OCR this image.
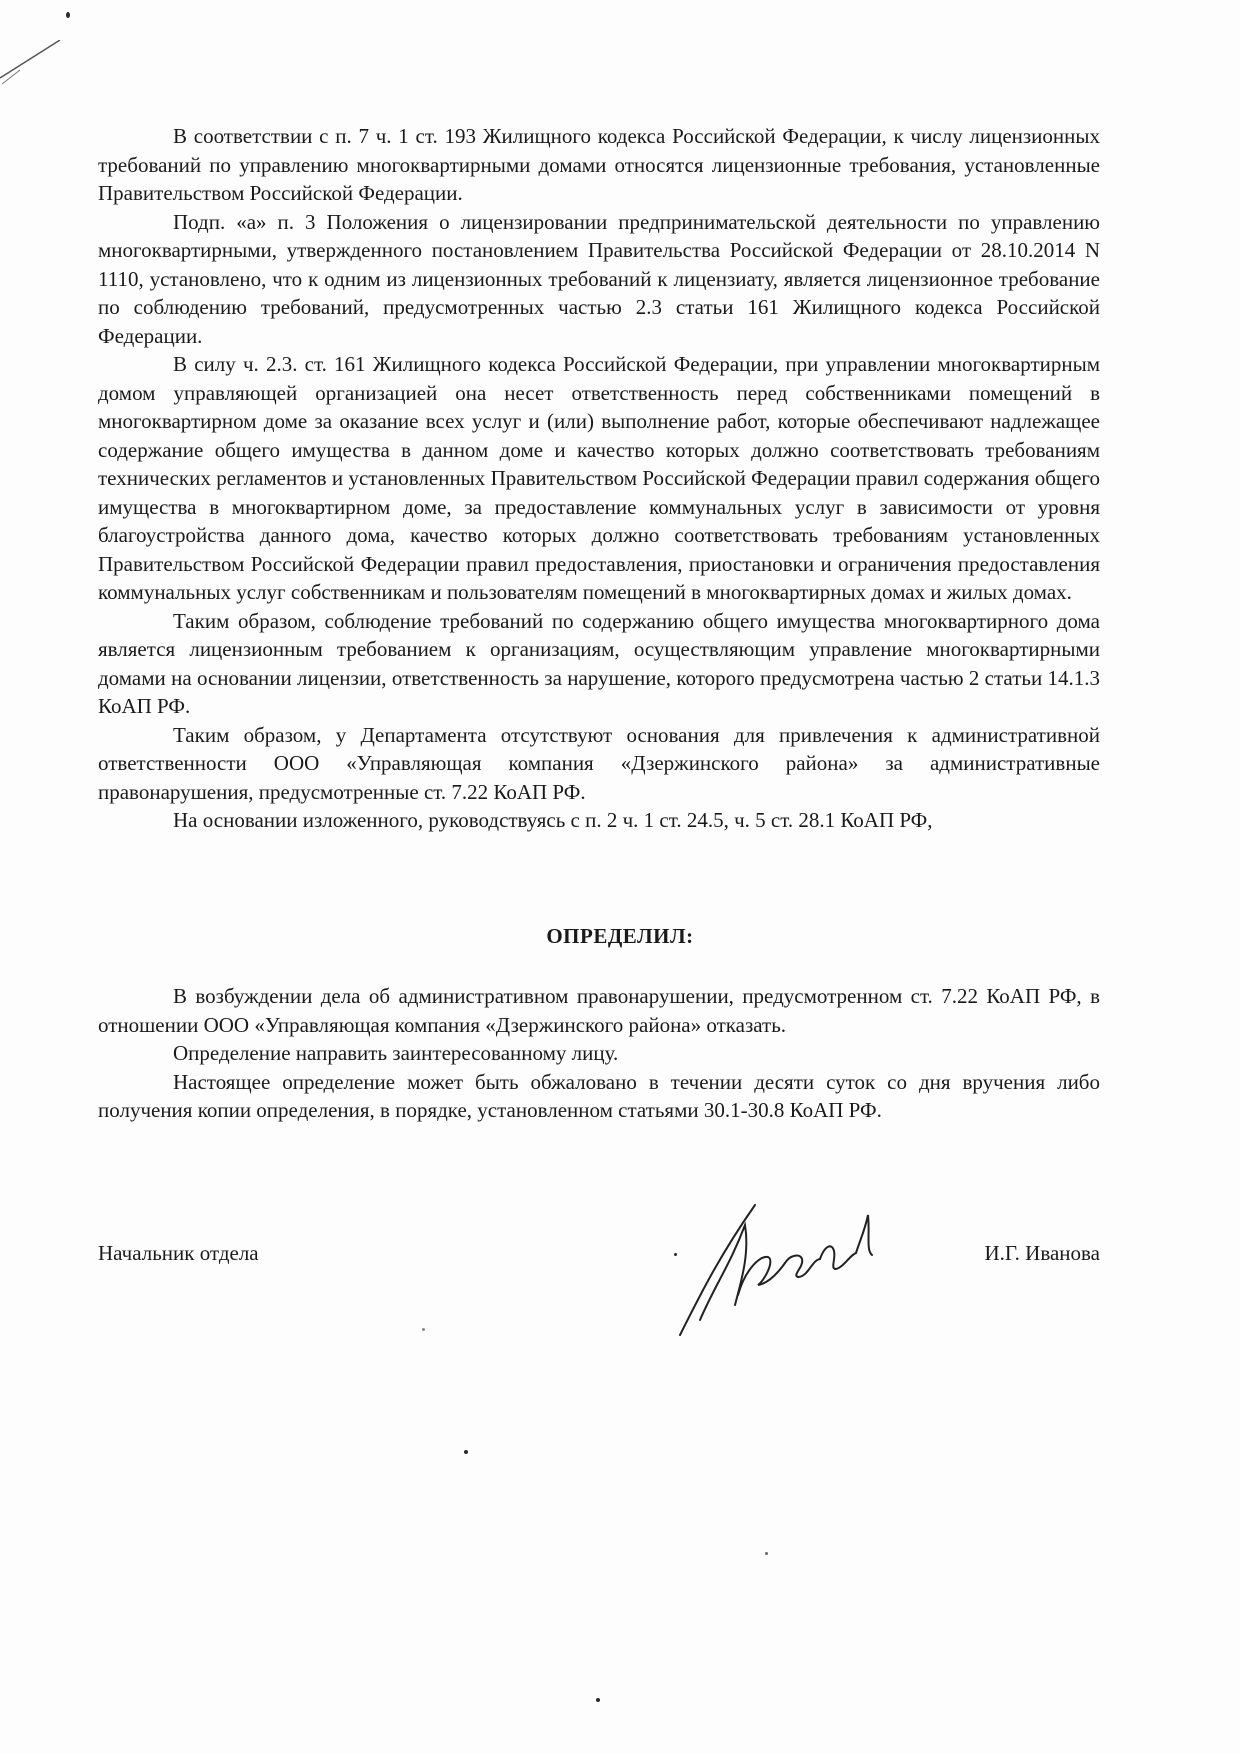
В соответствии с п. 7 ч. 1 ст. 193 Жилищного кодекса Российской Федерации, к числу лицензионных требований по управлению многоквартирными домами относятся лицензионные требования, установленные Правительством Российской Федерации.

Подп. «а» п. 3 Положения о лицензировании предпринимательской деятельности по управлению многоквартирными, утвержденного постановлением Правительства Российской Федерации от 28.10.2014 N 1110, установлено, что к одним из лицензионных требований к лицензиату, является лицензионное требование по соблюдению требований, предусмотренных частью 2.3 статьи 161 Жилищного кодекса Российской Федерации.

В силу ч. 2.3. ст. 161 Жилищного кодекса Российской Федерации, при управлении многоквартирным домом управляющей организацией она несет ответственность перед собственниками помещений в многоквартирном доме за оказание всех услуг и (или) выполнение работ, которые обеспечивают надлежащее содержание общего имущества в данном доме и качество которых должно соответствовать требованиям технических регламентов и установленных Правительством Российской Федерации правил содержания общего имущества в многоквартирном доме, за предоставление коммунальных услуг в зависимости от уровня благоустройства данного дома, качество которых должно соответствовать требованиям установленных Правительством Российской Федерации правил предоставления, приостановки и ограничения предоставления коммунальных услуг собственникам и пользователям помещений в многоквартирных домах и жилых домах.

Таким образом, соблюдение требований по содержанию общего имущества многоквартирного дома является лицензионным требованием к организациям, осуществляющим управление многоквартирными домами на основании лицензии, ответственность за нарушение, которого предусмотрена частью 2 статьи 14.1.3 КоАП РФ.

Таким образом, у Департамента отсутствуют основания для привлечения к административной ответственности ООО «Управляющая компания «Дзержинского района» за административные правонарушения, предусмотренные ст. 7.22 КоАП РФ.

На основании изложенного, руководствуясь с п. 2 ч. 1 ст. 24.5, ч. 5 ст. 28.1 КоАП РФ,

ОПРЕДЕЛИЛ:

В возбуждении дела об административном правонарушении, предусмотренном ст. 7.22 КоАП РФ, в отношении ООО «Управляющая компания «Дзержинского района» отказать.

Определение направить заинтересованному лицу.

Настоящее определение может быть обжаловано в течении десяти суток со дня вручения либо получения копии определения, в порядке, установленном статьями 30.1-30.8 КоАП РФ.

Начальник отдела	И.Г. Иванова
